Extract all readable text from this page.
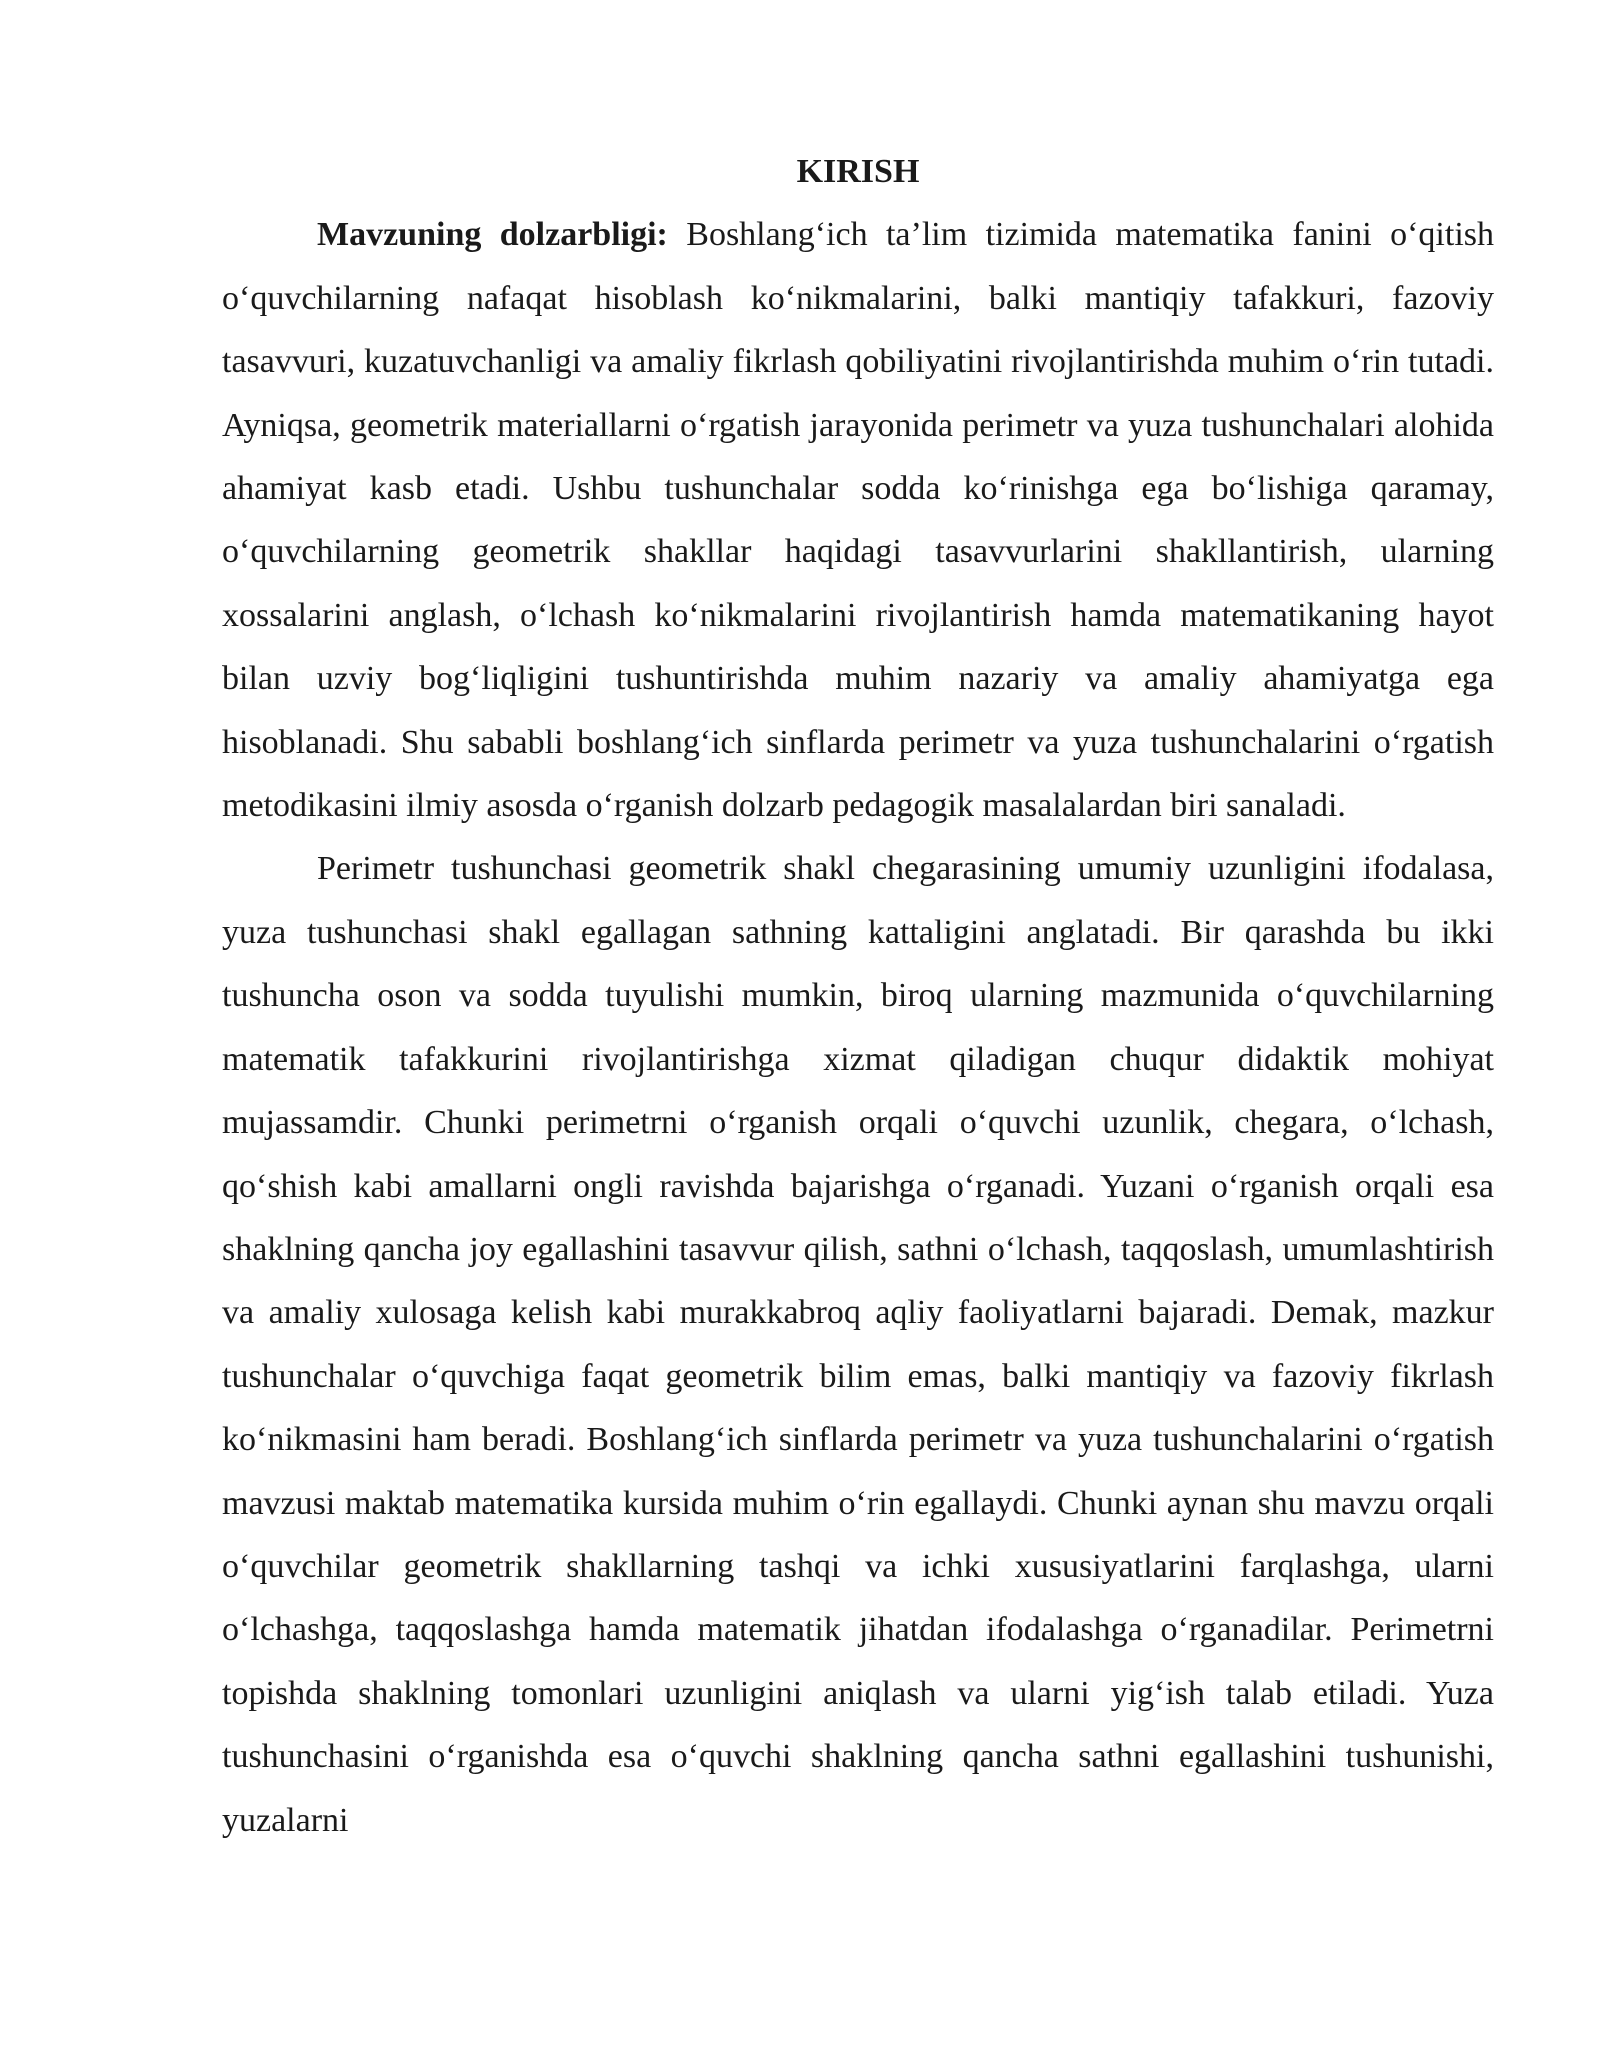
KIRISH

Mavzuning dolzarbligi: Boshlang‘ich ta’lim tizimida matematika fanini o‘qitish o‘quvchilarning nafaqat hisoblash ko‘nikmalarini, balki mantiqiy tafakkuri, fazoviy tasavvuri, kuzatuvchanligi va amaliy fikrlash qobiliyatini rivojlantirishda muhim o‘rin tutadi. Ayniqsa, geometrik materiallarni o‘rgatish jarayonida perimetr va yuza tushunchalari alohida ahamiyat kasb etadi. Ushbu tushunchalar sodda ko‘rinishga ega bo‘lishiga qaramay, o‘quvchilarning geometrik shakllar haqidagi tasavvurlarini shakllantirish, ularning xossalarini anglash, o‘lchash ko‘nikmalarini rivojlantirish hamda matematikaning hayot bilan uzviy bog‘liqligini tushuntirishda muhim nazariy va amaliy ahamiyatga ega hisoblanadi. Shu sababli boshlang‘ich sinflarda perimetr va yuza tushunchalarini o‘rgatish metodikasini ilmiy asosda o‘rganish dolzarb pedagogik masalalardan biri sanaladi.

Perimetr tushunchasi geometrik shakl chegarasining umumiy uzunligini ifodalasa, yuza tushunchasi shakl egallagan sathning kattaligini anglatadi. Bir qarashda bu ikki tushuncha oson va sodda tuyulishi mumkin, biroq ularning mazmunida o‘quvchilarning matematik tafakkurini rivojlantirishga xizmat qiladigan chuqur didaktik mohiyat mujassamdir. Chunki perimetrni o‘rganish orqali o‘quvchi uzunlik, chegara, o‘lchash, qo‘shish kabi amallarni ongli ravishda bajarishga o‘rganadi. Yuzani o‘rganish orqali esa shaklning qancha joy egallashini tasavvur qilish, sathni o‘lchash, taqqoslash, umumlashtirish va amaliy xulosaga kelish kabi murakkabroq aqliy faoliyatlarni bajaradi. Demak, mazkur tushunchalar o‘quvchiga faqat geometrik bilim emas, balki mantiqiy va fazoviy fikrlash ko‘nikmasini ham beradi. Boshlang‘ich sinflarda perimetr va yuza tushunchalarini o‘rgatish mavzusi maktab matematika kursida muhim o‘rin egallaydi. Chunki aynan shu mavzu orqali o‘quvchilar geometrik shakllarning tashqi va ichki xususiyatlarini farqlashga, ularni o‘lchashga, taqqoslashga hamda matematik jihatdan ifodalashga o‘rganadilar. Perimetrni topishda shaklning tomonlari uzunligini aniqlash va ularni yig‘ish talab etiladi. Yuza tushunchasini o‘rganishda esa o‘quvchi shaklning qancha sathni egallashini tushunishi, yuzalarni
